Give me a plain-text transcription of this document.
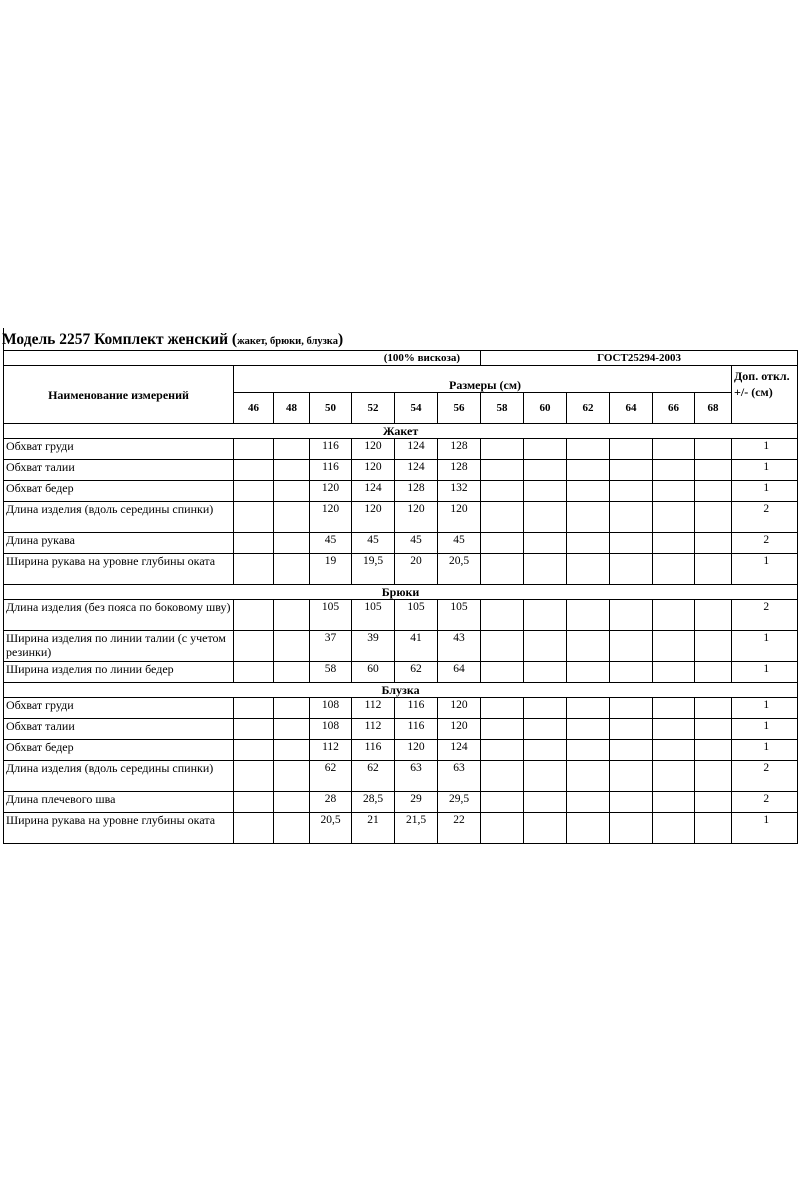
Модель 2257 Комплект женский (жакет, брюки, блузка)
(100% вискоза)							ГОСТ25294-2003						
Наименование измерений	Размеры (см)												Доп. откл. +/- (см)
	46	48	50	52	54	56	58	60	62	64	66	68	
Жакет													
Обхват груди			116	120	124	128							1
Обхват талии			116	120	124	128							1
Обхват бедер			120	124	128	132							1
Длина изделия (вдоль середины спинки)			120	120	120	120							2
Длина рукава			45	45	45	45							2
Ширина рукава на уровне глубины оката			19	19,5	20	20,5							1
Брюки													
Длина изделия (без пояса по боковому шву)			105	105	105	105							2
Ширина изделия по линии талии (с учетом резинки)			37	39	41	43							1
Ширина изделия по линии бедер			58	60	62	64							1
Блузка													
Обхват груди			108	112	116	120							1
Обхват талии			108	112	116	120							1
Обхват бедер			112	116	120	124							1
Длина изделия (вдоль середины спинки)			62	62	63	63							2
Длина плечевого шва			28	28,5	29	29,5							2
Ширина рукава на уровне глубины оката			20,5	21	21,5	22							1
